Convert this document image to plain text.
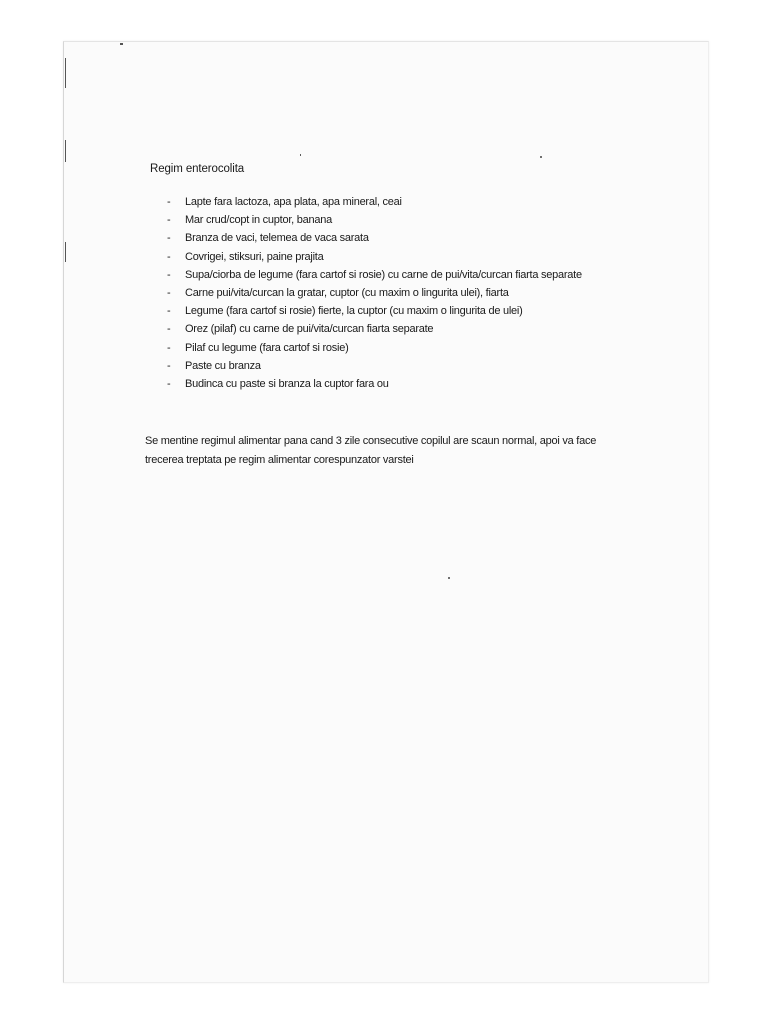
Regim enterocolita
- Lapte fara lactoza, apa plata, apa mineral, ceai
- Mar crud/copt in cuptor, banana
- Branza de vaci, telemea de vaca sarata
- Covrigei, stiksuri, paine prajita
- Supa/ciorba de legume (fara cartof si rosie) cu carne de pui/vita/curcan fiarta separate
- Carne pui/vita/curcan la gratar, cuptor (cu maxim o lingurita ulei), fiarta
- Legume (fara cartof si rosie) fierte, la cuptor (cu maxim o lingurita de ulei)
- Orez (pilaf) cu carne de pui/vita/curcan fiarta separate
- Pilaf cu legume (fara cartof si rosie)
- Paste cu branza
- Budinca cu paste si branza la cuptor fara ou

Se mentine regimul alimentar pana cand 3 zile consecutive copilul are scaun normal, apoi va face
trecerea treptata pe regim alimentar corespunzator varstei
